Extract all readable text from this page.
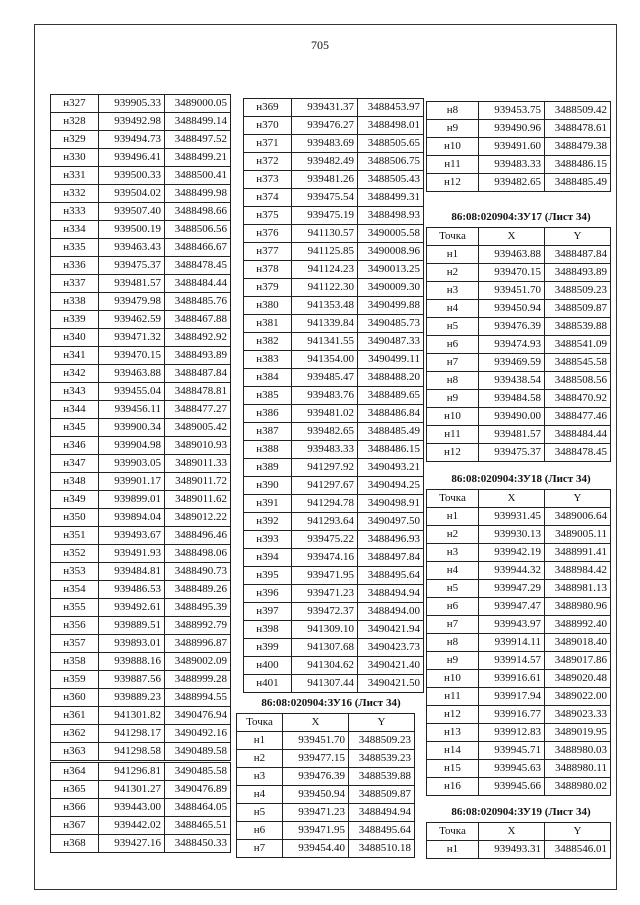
705
н327	939905.33	3489000.05
н328	939492.98	3488499.14
н329	939494.73	3488497.52
н330	939496.41	3488499.21
н331	939500.33	3488500.41
н332	939504.02	3488499.98
н333	939507.40	3488498.66
н334	939500.19	3488506.56
н335	939463.43	3488466.67
н336	939475.37	3488478.45
н337	939481.57	3488484.44
н338	939479.98	3488485.76
н339	939462.59	3488467.88
н340	939471.32	3488492.92
н341	939470.15	3488493.89
н342	939463.88	3488487.84
н343	939455.04	3488478.81
н344	939456.11	3488477.27
н345	939900.34	3489005.42
н346	939904.98	3489010.93
н347	939903.05	3489011.33
н348	939901.17	3489011.72
н349	939899.01	3489011.62
н350	939894.04	3489012.22
н351	939493.67	3488496.46
н352	939491.93	3488498.06
н353	939484.81	3488490.73
н354	939486.53	3488489.26
н355	939492.61	3488495.39
н356	939889.51	3488992.79
н357	939893.01	3488996.87
н358	939888.16	3489002.09
н359	939887.56	3488999.28
н360	939889.23	3488994.55
н361	941301.82	3490476.94
н362	941298.17	3490492.16
н363	941298.58	3490489.58
н364	941296.81	3490485.58
н365	941301.27	3490476.89
н366	939443.00	3488464.05
н367	939442.02	3488465.51
н368	939427.16	3488450.33
н369	939431.37	3488453.97
н370	939476.27	3488498.01
н371	939483.69	3488505.65
н372	939482.49	3488506.75
н373	939481.26	3488505.43
н374	939475.54	3488499.31
н375	939475.19	3488498.93
н376	941130.57	3490005.58
н377	941125.85	3490008.96
н378	941124.23	3490013.25
н379	941122.30	3490009.30
н380	941353.48	3490499.88
н381	941339.84	3490485.73
н382	941341.55	3490487.33
н383	941354.00	3490499.11
н384	939485.47	3488488.20
н385	939483.76	3488489.65
н386	939481.02	3488486.84
н387	939482.65	3488485.49
н388	939483.33	3488486.15
н389	941297.92	3490493.21
н390	941297.67	3490494.25
н391	941294.78	3490498.91
н392	941293.64	3490497.50
н393	939475.22	3488496.93
н394	939474.16	3488497.84
н395	939471.95	3488495.64
н396	939471.23	3488494.94
н397	939472.37	3488494.00
н398	941309.10	3490421.94
н399	941307.68	3490423.73
н400	941304.62	3490421.40
н401	941307.44	3490421.50
86:08:020904:ЗУ16 (Лист 34)
Точка	X	Y
н1	939451.70	3488509.23
н2	939477.15	3488539.23
н3	939476.39	3488539.88
н4	939450.94	3488509.87
н5	939471.23	3488494.94
н6	939471.95	3488495.64
н7	939454.40	3488510.18
н8	939453.75	3488509.42
н9	939490.96	3488478.61
н10	939491.60	3488479.38
н11	939483.33	3488486.15
н12	939482.65	3488485.49
86:08:020904:ЗУ17 (Лист 34)
Точка	X	Y
н1	939463.88	3488487.84
н2	939470.15	3488493.89
н3	939451.70	3488509.23
н4	939450.94	3488509.87
н5	939476.39	3488539.88
н6	939474.93	3488541.09
н7	939469.59	3488545.58
н8	939438.54	3488508.56
н9	939484.58	3488470.92
н10	939490.00	3488477.46
н11	939481.57	3488484.44
н12	939475.37	3488478.45
86:08:020904:ЗУ18 (Лист 34)
Точка	X	Y
н1	939931.45	3489006.64
н2	939930.13	3489005.11
н3	939942.19	3488991.41
н4	939944.32	3488984.42
н5	939947.29	3488981.13
н6	939947.47	3488980.96
н7	939943.97	3488992.40
н8	939914.11	3489018.40
н9	939914.57	3489017.86
н10	939916.61	3489020.48
н11	939917.94	3489022.00
н12	939916.77	3489023.33
н13	939912.83	3489019.95
н14	939945.71	3488980.03
н15	939945.63	3488980.11
н16	939945.66	3488980.02
86:08:020904:ЗУ19 (Лист 34)
Точка	X	Y
н1	939493.31	3488546.01
